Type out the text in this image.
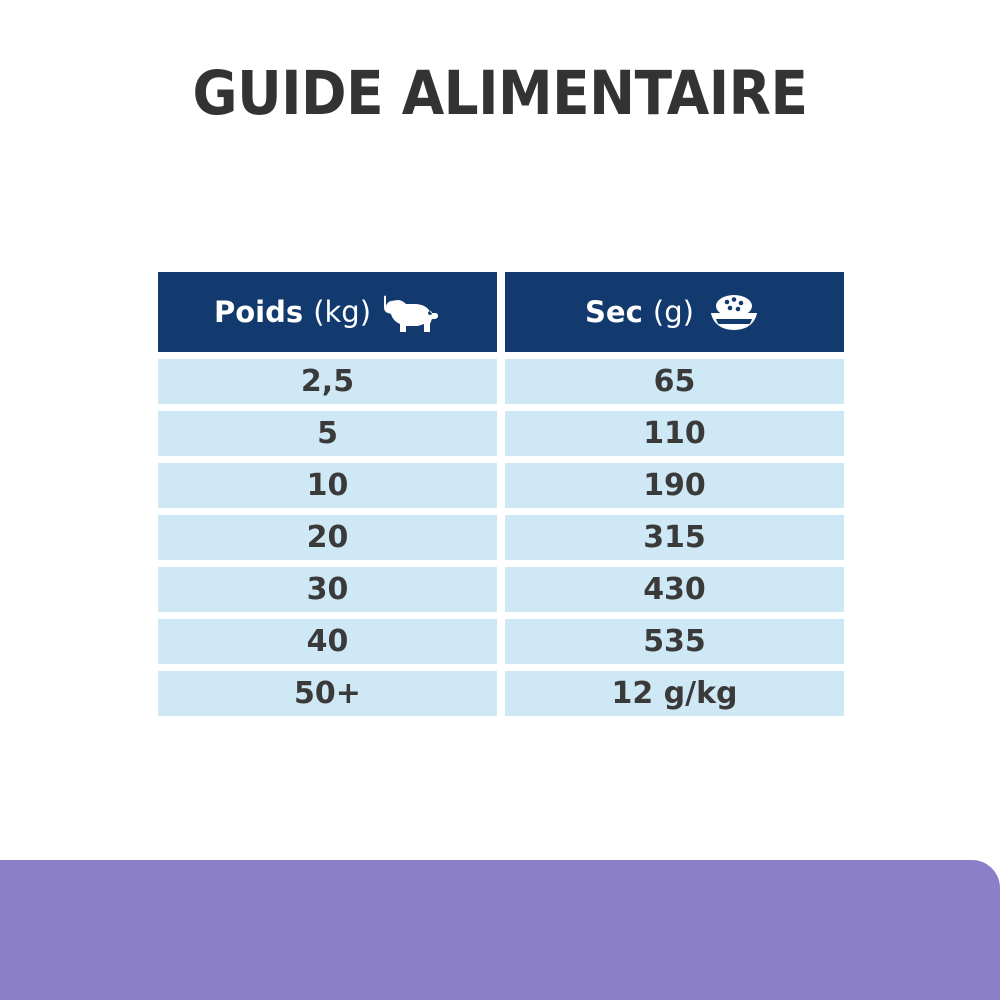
GUIDE ALIMENTAIRE
Poids (kg)	Sec (g)
2,5	65
5	110
10	190
20	315
30	430
40	535
50+	12 g/kg
